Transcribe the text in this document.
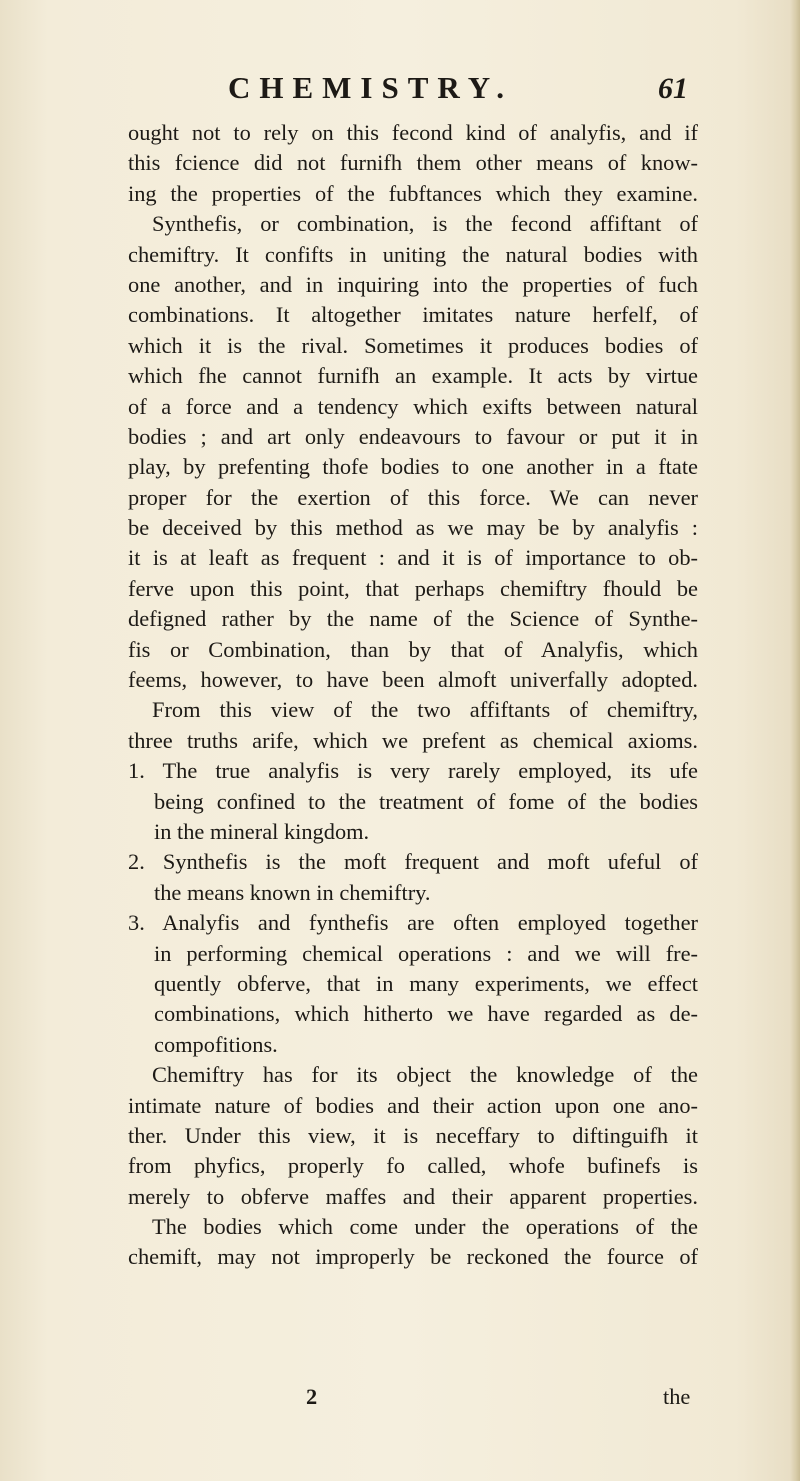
CHEMISTRY.	61
ought not to rely on this fecond kind of analyfis, and if
this fcience did not furnifh them other means of know-
ing the properties of the fubftances which they examine.
Synthefis, or combination, is the fecond affiftant of
chemiftry. It confifts in uniting the natural bodies with
one another, and in inquiring into the properties of fuch
combinations. It altogether imitates nature herfelf, of
which it is the rival. Sometimes it produces bodies of
which fhe cannot furnifh an example. It acts by virtue
of a force and a tendency which exifts between natural
bodies ; and art only endeavours to favour or put it in
play, by prefenting thofe bodies to one another in a ftate
proper for the exertion of this force. We can never
be deceived by this method as we may be by analyfis :
it is at leaft as frequent : and it is of importance to ob-
ferve upon this point, that perhaps chemiftry fhould be
defigned rather by the name of the Science of Synthe-
fis or Combination, than by that of Analyfis, which
feems, however, to have been almoft univerfally adopted.
From this view of the two affiftants of chemiftry,
three truths arife, which we prefent as chemical axioms.
1. The true analyfis is very rarely employed, its ufe
being confined to the treatment of fome of the bodies
in the mineral kingdom.
2. Synthefis is the moft frequent and moft ufeful of
the means known in chemiftry.
3. Analyfis and fynthefis are often employed together
in performing chemical operations : and we will fre-
quently obferve, that in many experiments, we effect
combinations, which hitherto we have regarded as de-
compofitions.
Chemiftry has for its object the knowledge of the
intimate nature of bodies and their action upon one ano-
ther. Under this view, it is neceffary to diftinguifh it
from phyfics, properly fo called, whofe bufinefs is
merely to obferve maffes and their apparent properties.
The bodies which come under the operations of the
chemift, may not improperly be reckoned the fource of
2	the
